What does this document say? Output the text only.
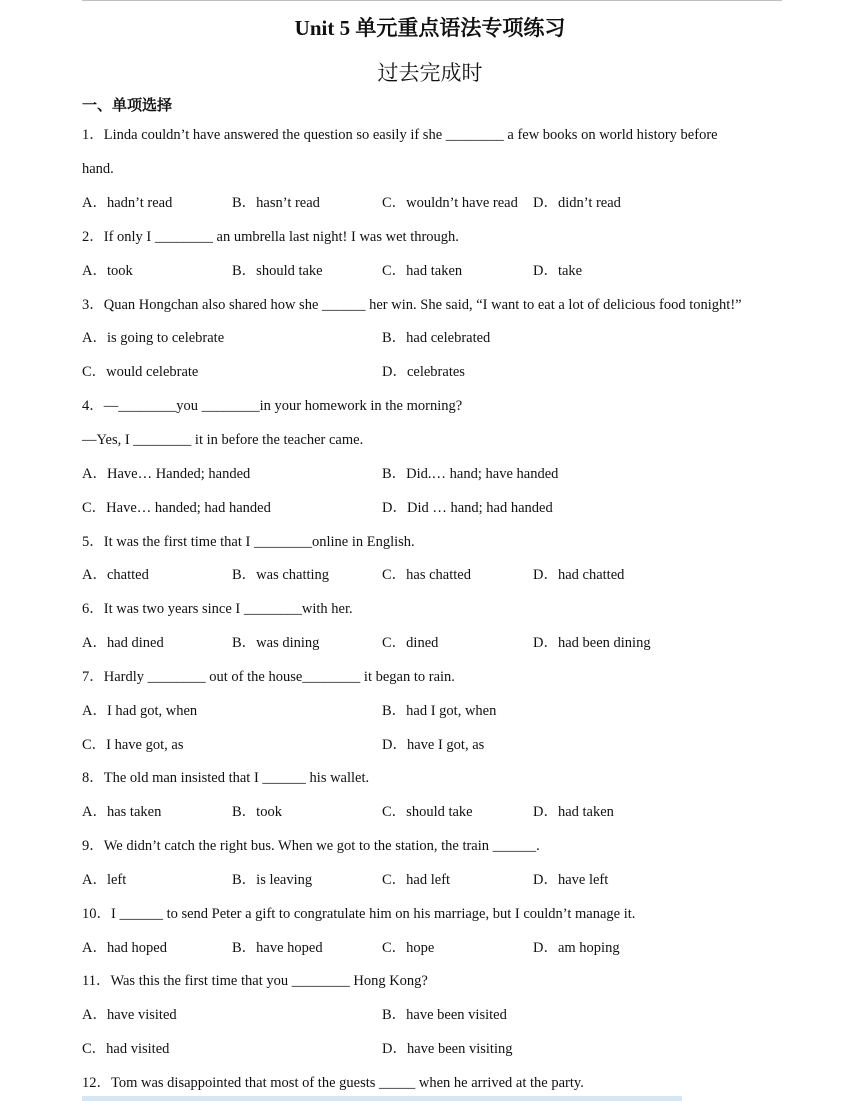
Unit 5 单元重点语法专项练习
过去完成时
一、单项选择
1．Linda couldn’t have answered the question so easily if she ________ a few books on world history before
hand.
A．hadn’t read	B．hasn’t read	C．wouldn’t have read D．didn’t read
2．If only I ________ an umbrella last night! I was wet through.
A．took	B．should take	C．had taken	D．take
3．Quan Hongchan also shared how she ______ her win. She said, “I want to eat a lot of delicious food tonight!”
A．is going to celebrate	B．had celebrated
C．would celebrate	D．celebrates
4．—________you ________in your homework in the morning?
—Yes, I ________ it in before the teacher came.
A．Have… Handed; handed	B．Did.… hand; have handed
C．Have… handed; had handed	D．Did … hand; had handed
5．It was the first time that I ________online in English.
A．chatted	B．was chatting	C．has chatted	D．had chatted
6．It was two years since I ________with her.
A．had dined	B．was dining	C．dined	D．had been dining
7．Hardly ________ out of the house________ it began to rain.
A．I had got, when	B．had I got, when
C．I have got, as	D．have I got, as
8．The old man insisted that I ______ his wallet.
A．has taken	B．took	C．should take	D．had taken
9．We didn’t catch the right bus. When we got to the station, the train ______.
A．left	B．is leaving	C．had left	D．have left
10．I ______ to send Peter a gift to congratulate him on his marriage, but I couldn’t manage it.
A．had hoped	B．have hoped	C．hope	D．am hoping
11．Was this the first time that you ________ Hong Kong?
A．have visited	B．have been visited
C．had visited	D．have been visiting
12．Tom was disappointed that most of the guests _____ when he arrived at the party.
